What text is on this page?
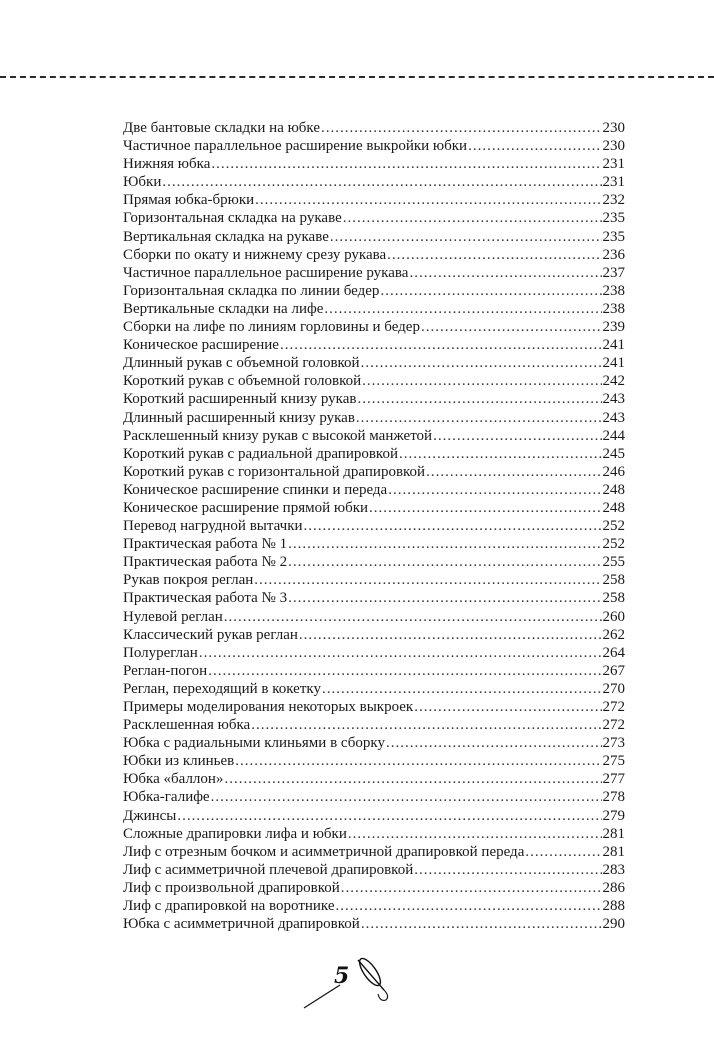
Две бантовые складки на юбке .....	230
Частичное параллельное расширение выкройки юбки .....	230
Нижняя юбка .....	231
Юбки .....	231
Прямая юбка-брюки .....	232
Горизонтальная складка на рукаве .....	235
Вертикальная складка на рукаве .....	235
Сборки по окату и нижнему срезу рукава .....	236
Частичное параллельное расширение рукава .....	237
Горизонтальная складка по линии бедер .....	238
Вертикальные складки на лифе .....	238
Сборки на лифе по линиям горловины и бедер .....	239
Коническое расширение .....	241
Длинный рукав с объемной головкой .....	241
Короткий рукав с объемной головкой .....	242
Короткий расширенный книзу рукав .....	243
Длинный расширенный книзу рукав .....	243
Расклешенный книзу рукав с высокой манжетой .....	244
Короткий рукав с радиальной драпировкой .....	245
Короткий рукав с горизонтальной драпировкой .....	246
Коническое расширение спинки и переда .....	248
Коническое расширение прямой юбки .....	248
Перевод нагрудной вытачки .....	252
Практическая работа № 1 .....	252
Практическая работа № 2 .....	255
Рукав покроя реглан .....	258
Практическая работа № 3 .....	258
Нулевой реглан .....	260
Классический рукав реглан .....	262
Полуреглан .....	264
Реглан-погон .....	267
Реглан, переходящий в кокетку .....	270
Примеры моделирования некоторых выкроек .....	272
Расклешенная юбка .....	272
Юбка с радиальными клиньями в сборку .....	273
Юбки из клиньев .....	275
Юбка «баллон» .....	277
Юбка-галифе .....	278
Джинсы .....	279
Сложные драпировки лифа и юбки .....	281
Лиф с отрезным бочком и асимметричной драпировкой переда .....	281
Лиф с асимметричной плечевой драпировкой .....	283
Лиф с произвольной драпировкой .....	286
Лиф с драпировкой на воротнике .....	288
Юбка с асимметричной драпировкой .....	290
5
